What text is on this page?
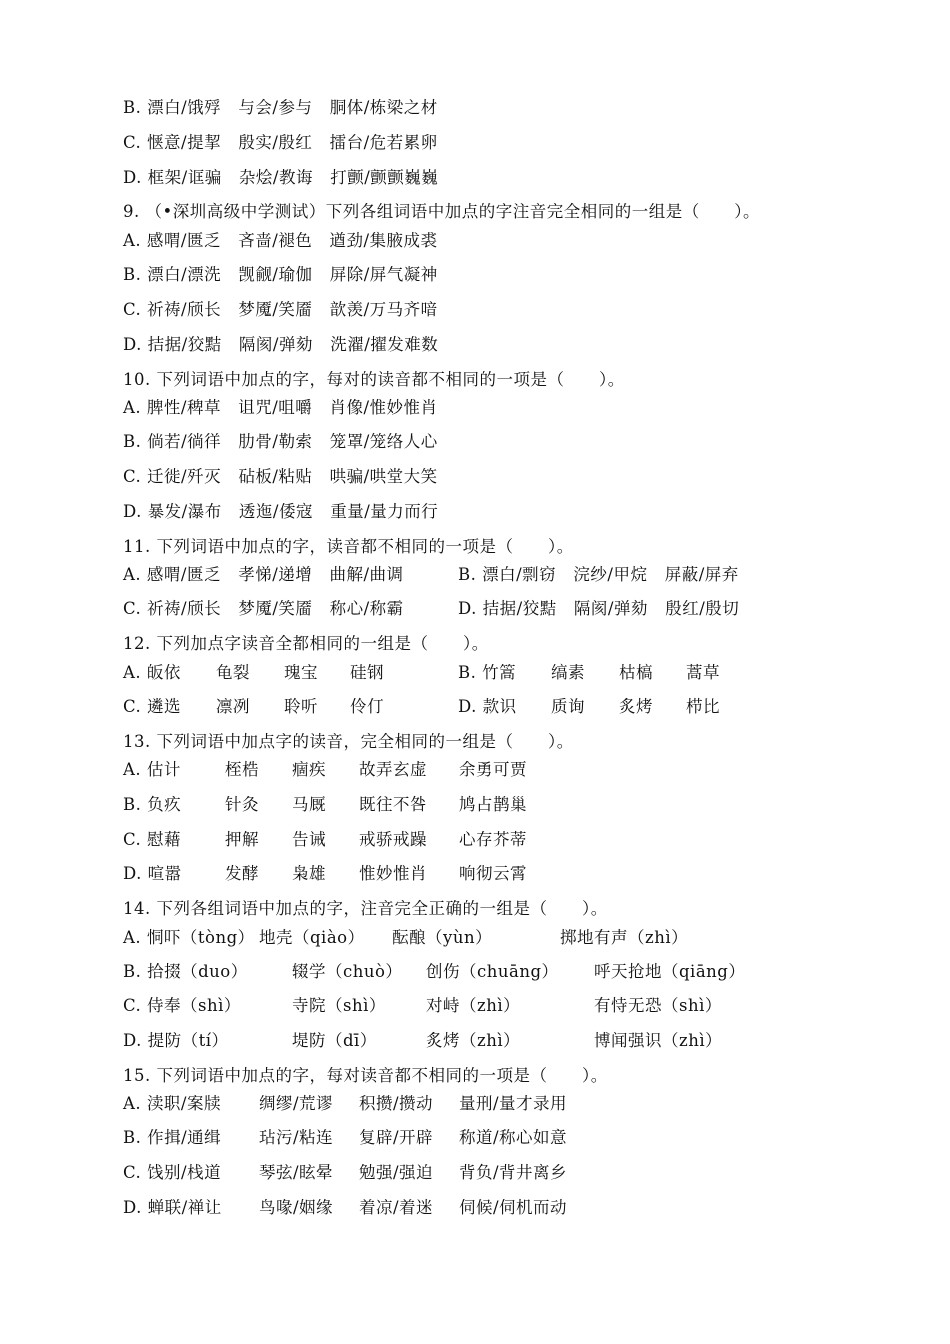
B. 漂白/饿殍   与会/参与   胴体/栋梁之材
C. 惬意/提挈   殷实/殷红   擂台/危若累卵
D. 框架/诓骗   杂烩/教诲   打颤/颤颤巍巍
9. （•深圳高级中学测试）下列各组词语中加点的字注音完全相同的一组是（      ）。
A. 感喟/匮乏   吝啬/褪色   遒劲/集腋成裘
B. 漂白/漂洗   觊觎/瑜伽   屏除/屏气凝神
C. 祈祷/颀长   梦魇/笑靥   歆羡/万马齐喑
D. 拮据/狡黠   隔阂/弹劾   洗濯/擢发难数
10. 下列词语中加点的字，每对的读音都不相同的一项是（      ）。
A. 脾性/稗草   诅咒/咀嚼   肖像/惟妙惟肖
B. 倘若/徜徉   肋骨/勒索   笼罩/笼络人心
C. 迁徙/歼灭   砧板/粘贴   哄骗/哄堂大笑
D. 暴发/瀑布   透迤/倭寇   重量/量力而行
11. 下列词语中加点的字，读音都不相同的一项是（      ）。
A. 感喟/匮乏   孝悌/递增   曲解/曲调	B. 漂白/剽窃   浣纱/甲烷   屏蔽/屏弃
C. 祈祷/颀长   梦魇/笑靥   称心/称霸	D. 拮据/狡黠   隔阂/弹劾   殷红/殷切
12. 下列加点字读音全都相同的一组是（      ）。
A. 皈依 龟裂 瑰宝 硅钢	B. 竹篙 缟素 枯槁 蒿草
C. 遴选 凛冽 聆听 伶仃	D. 款识 质询 炙烤 栉比
13. 下列词语中加点字的读音，完全相同的一组是（      ）。
A. 估计	桎梏 痼疾 故弄玄虚 余勇可贾
B. 负疚	针灸 马厩 既往不咎 鸠占鹊巢
C. 慰藉	押解 告诫 戒骄戒躁 心存芥蒂
D. 喧嚣	发酵 枭雄 惟妙惟肖 响彻云霄
14. 下列各组词语中加点的字，注音完全正确的一组是（      ）。
A. 恫吓（tòng） 地壳（qiào） 酝酿（yùn）	掷地有声（zhì）
B. 拾掇（duo）	辍学（chuò） 创伤（chuāng） 呼天抢地（qiāng）
C. 侍奉（shì）	寺院（shì） 对峙（zhì）	有恃无恐（shì）
D. 提防（tí）	堤防（dī）	炙烤（zhì）	博闻强识（zhì）
15. 下列词语中加点的字，每对读音都不相同的一项是（      ）。
A. 渎职/案牍 绸缪/荒谬 积攒/攒动 量刑/量才录用
B. 作揖/通缉 玷污/粘连 复辟/开辟 称道/称心如意
C. 饯别/栈道 琴弦/眩晕 勉强/强迫 背负/背井离乡
D. 蝉联/禅让 鸟喙/姻缘 着凉/着迷 伺候/伺机而动
